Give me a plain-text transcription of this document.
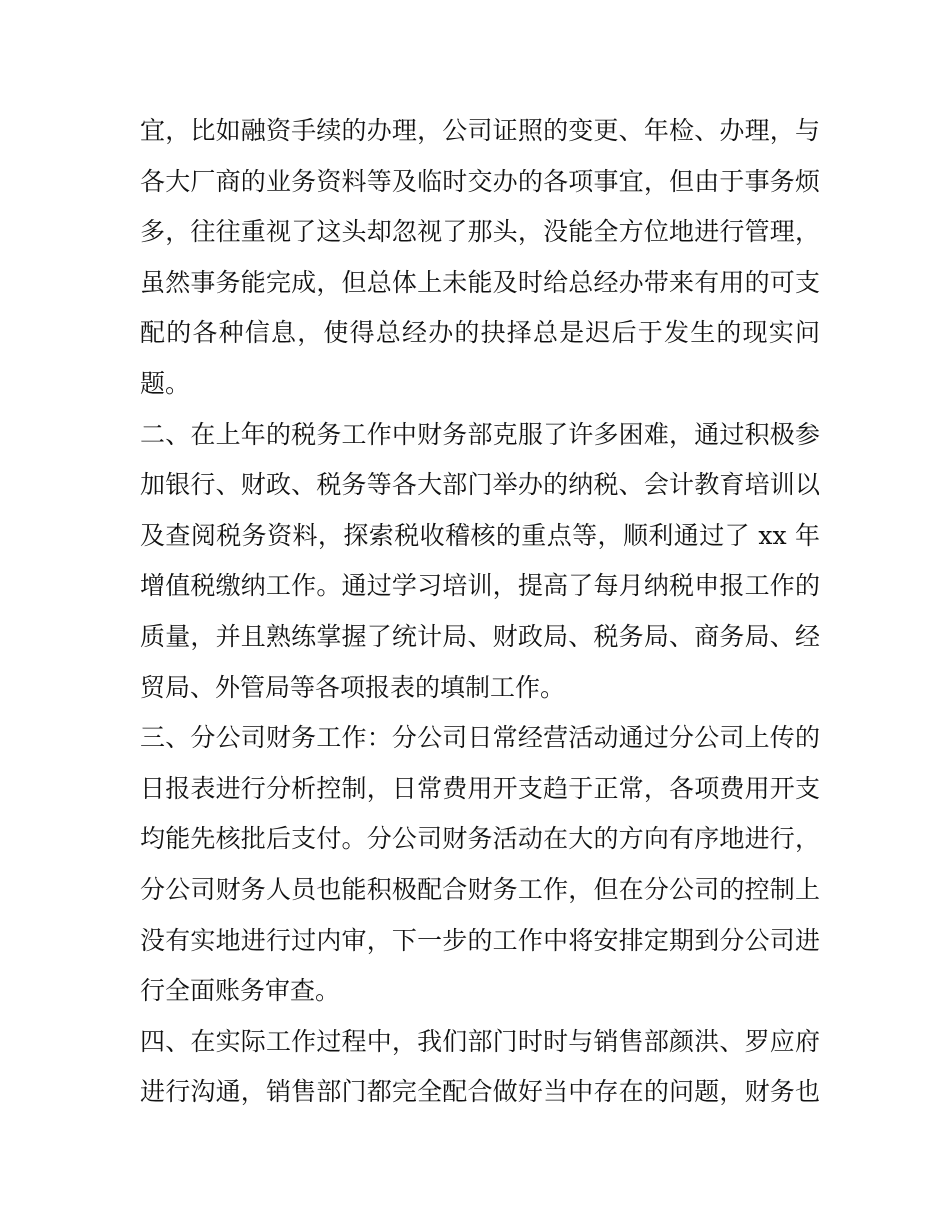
宜，比如融资手续的办理，公司证照的变更、年检、办理，与
各大厂商的业务资料等及临时交办的各项事宜，但由于事务烦
多，往往重视了这头却忽视了那头，没能全方位地进行管理，
虽然事务能完成，但总体上未能及时给总经办带来有用的可支
配的各种信息，使得总经办的抉择总是迟后于发生的现实问
题。
二、在上年的税务工作中财务部克服了许多困难，通过积极参
加银行、财政、税务等各大部门举办的纳税、会计教育培训以
及查阅税务资料，探索税收稽核的重点等，顺利通过了 xx 年
增值税缴纳工作。通过学习培训，提高了每月纳税申报工作的
质量，并且熟练掌握了统计局、财政局、税务局、商务局、经
贸局、外管局等各项报表的填制工作。
三、分公司财务工作：分公司日常经营活动通过分公司上传的
日报表进行分析控制，日常费用开支趋于正常，各项费用开支
均能先核批后支付。分公司财务活动在大的方向有序地进行，
分公司财务人员也能积极配合财务工作，但在分公司的控制上
没有实地进行过内审，下一步的工作中将安排定期到分公司进
行全面账务审查。
四、在实际工作过程中，我们部门时时与销售部颜洪、罗应府
进行沟通，销售部门都完全配合做好当中存在的问题，财务也
